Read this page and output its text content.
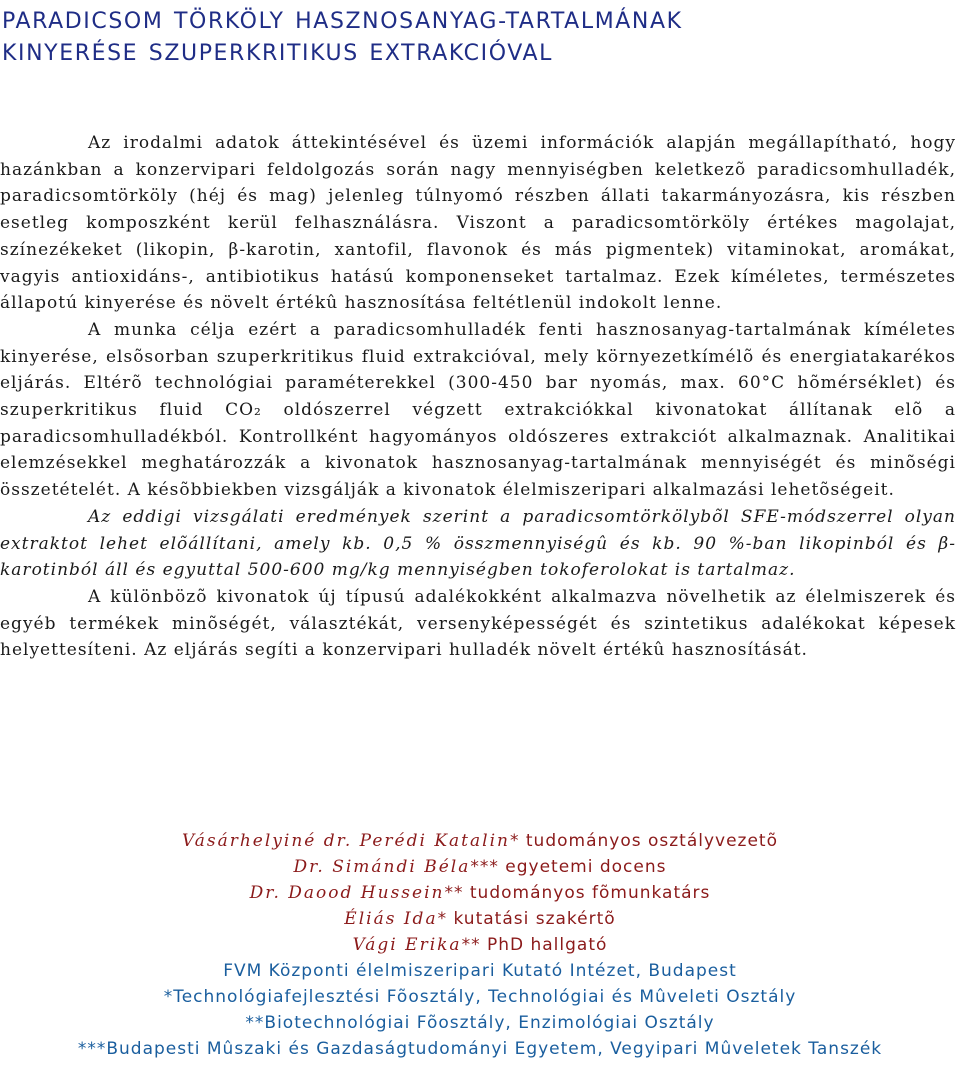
PARADICSOM TÖRKÖLY HASZNOSANYAG-TARTALMÁNAK
KINYERÉSE SZUPERKRITIKUS EXTRAKCIÓVAL

Az irodalmi adatok áttekintésével és üzemi információk alapján megállapítható, hogy hazánkban a konzervipari feldolgozás során nagy mennyiségben keletkezõ paradicsomhulladék, paradicsomtörköly (héj és mag) jelenleg túlnyomó részben állati takarmányozásra, kis részben esetleg komposzként kerül felhasználásra. Viszont a paradicsomtörköly értékes magolajat, színezékeket (likopin, β-karotin, xantofil, flavonok és más pigmentek) vitaminokat, aromákat, vagyis antioxidáns-, antibiotikus hatású komponenseket tartalmaz. Ezek kíméletes, természetes állapotú kinyerése és növelt értékû hasznosítása feltétlenül indokolt lenne.

A munka célja ezért a paradicsomhulladék fenti hasznosanyag-tartalmának kíméletes kinyerése, elsõsorban szuperkritikus fluid extrakcióval, mely környezetkímélõ és energiatakarékos eljárás. Eltérõ technológiai paraméterekkel (300-450 bar nyomás, max. 60°C hõmérséklet) és szuperkritikus fluid CO₂ oldószerrel végzett extrakciókkal kivonatokat állítanak elõ a paradicsomhulladékból. Kontrollként hagyományos oldószeres extrakciót alkalmaznak. Analitikai elemzésekkel meghatározzák a kivonatok hasznosanyag-tartalmának mennyiségét és minõségi összetételét. A késõbbiekben vizsgálják a kivonatok élelmiszeripari alkalmazási lehetõségeit.

Az eddigi vizsgálati eredmények szerint a paradicsomtörkölybõl SFE-módszerrel olyan extraktot lehet elõállítani, amely kb. 0,5 % összmennyiségû és kb. 90 %-ban likopinból és β-karotinból áll és egyuttal 500-600 mg/kg mennyiségben tokoferolokat is tartalmaz.

A különbözõ kivonatok új típusú adalékokként alkalmazva növelhetik az élelmiszerek és egyéb termékek minõségét, választékát, versenyképességét és szintetikus adalékokat képesek helyettesíteni. Az eljárás segíti a konzervipari hulladék növelt értékû hasznosítását.

Vásárhelyiné dr. Perédi Katalin* tudományos osztályvezetõ
Dr. Simándi Béla*** egyetemi docens
Dr. Daood Hussein** tudományos fõmunkatárs
Éliás Ida* kutatási szakértõ
Vági Erika** PhD hallgató
FVM Központi élelmiszeripari Kutató Intézet, Budapest
*Technológiafejlesztési Fõosztály, Technológiai és Mûveleti Osztály
**Biotechnológiai Fõosztály, Enzimológiai Osztály
***Budapesti Mûszaki és Gazdaságtudományi Egyetem, Vegyipari Mûveletek Tanszék
